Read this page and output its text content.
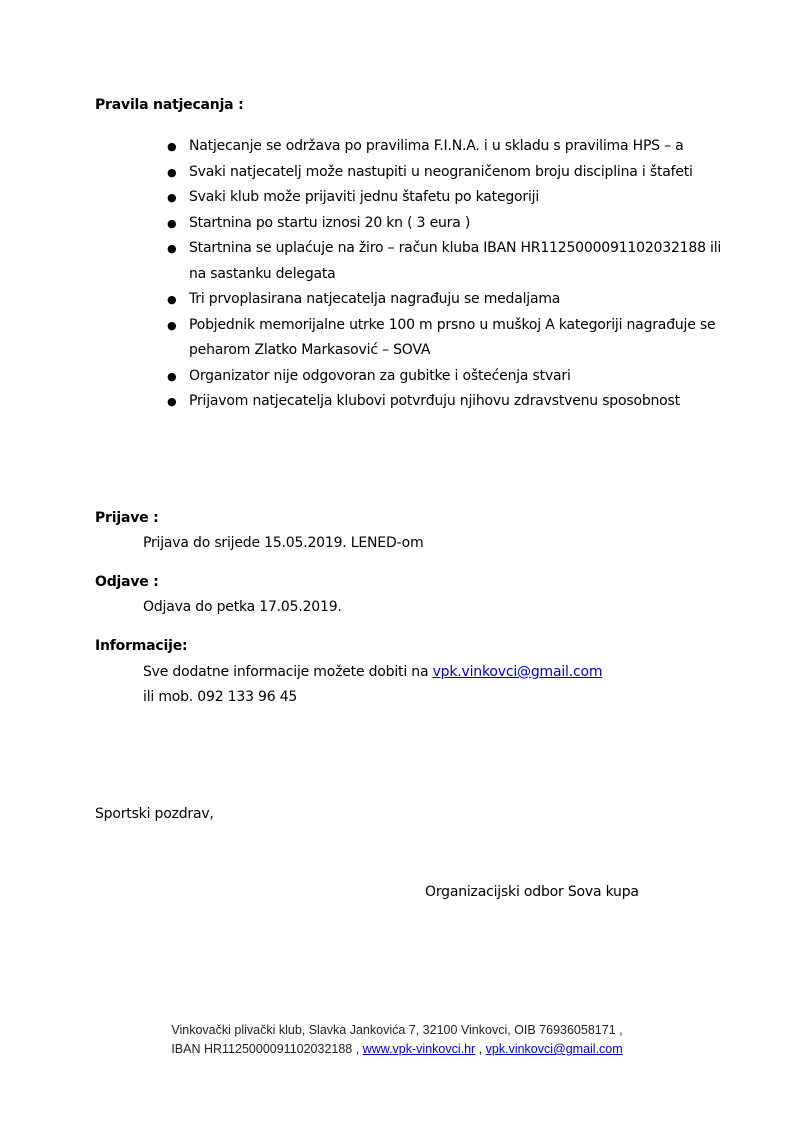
Pravila natjecanja :
● Natjecanje se održava po pravilima F.I.N.A. i u skladu s pravilima HPS – a
● Svaki natjecatelj može nastupiti u neograničenom broju disciplina i štafeti
● Svaki klub može prijaviti jednu štafetu po kategoriji
● Startnina po startu iznosi 20 kn ( 3 eura )
● Startnina se uplaćuje na žiro – račun kluba IBAN HR1125000091102032188 ili na sastanku delegata
● Tri prvoplasirana natjecatelja nagrađuju se medaljama
● Pobjednik memorijalne utrke 100 m prsno u muškoj A kategoriji nagrađuje se peharom Zlatko Markasović – SOVA
● Organizator nije odgovoran za gubitke i oštećenja stvari
● Prijavom natjecatelja klubovi potvrđuju njihovu zdravstvenu sposobnost
Prijave :
Prijava do srijede 15.05.2019. LENED-om
Odjave :
Odjava do petka 17.05.2019.
Informacije:
Sve dodatne informacije možete dobiti na vpk.vinkovci@gmail.com
ili mob. 092 133 96 45
Sportski pozdrav,
Organizacijski odbor Sova kupa
Vinkovački plivački klub, Slavka Jankovića 7, 32100 Vinkovci, OIB 76936058171 ,
IBAN HR1125000091102032188 , www.vpk-vinkovci.hr , vpk.vinkovci@gmail.com
